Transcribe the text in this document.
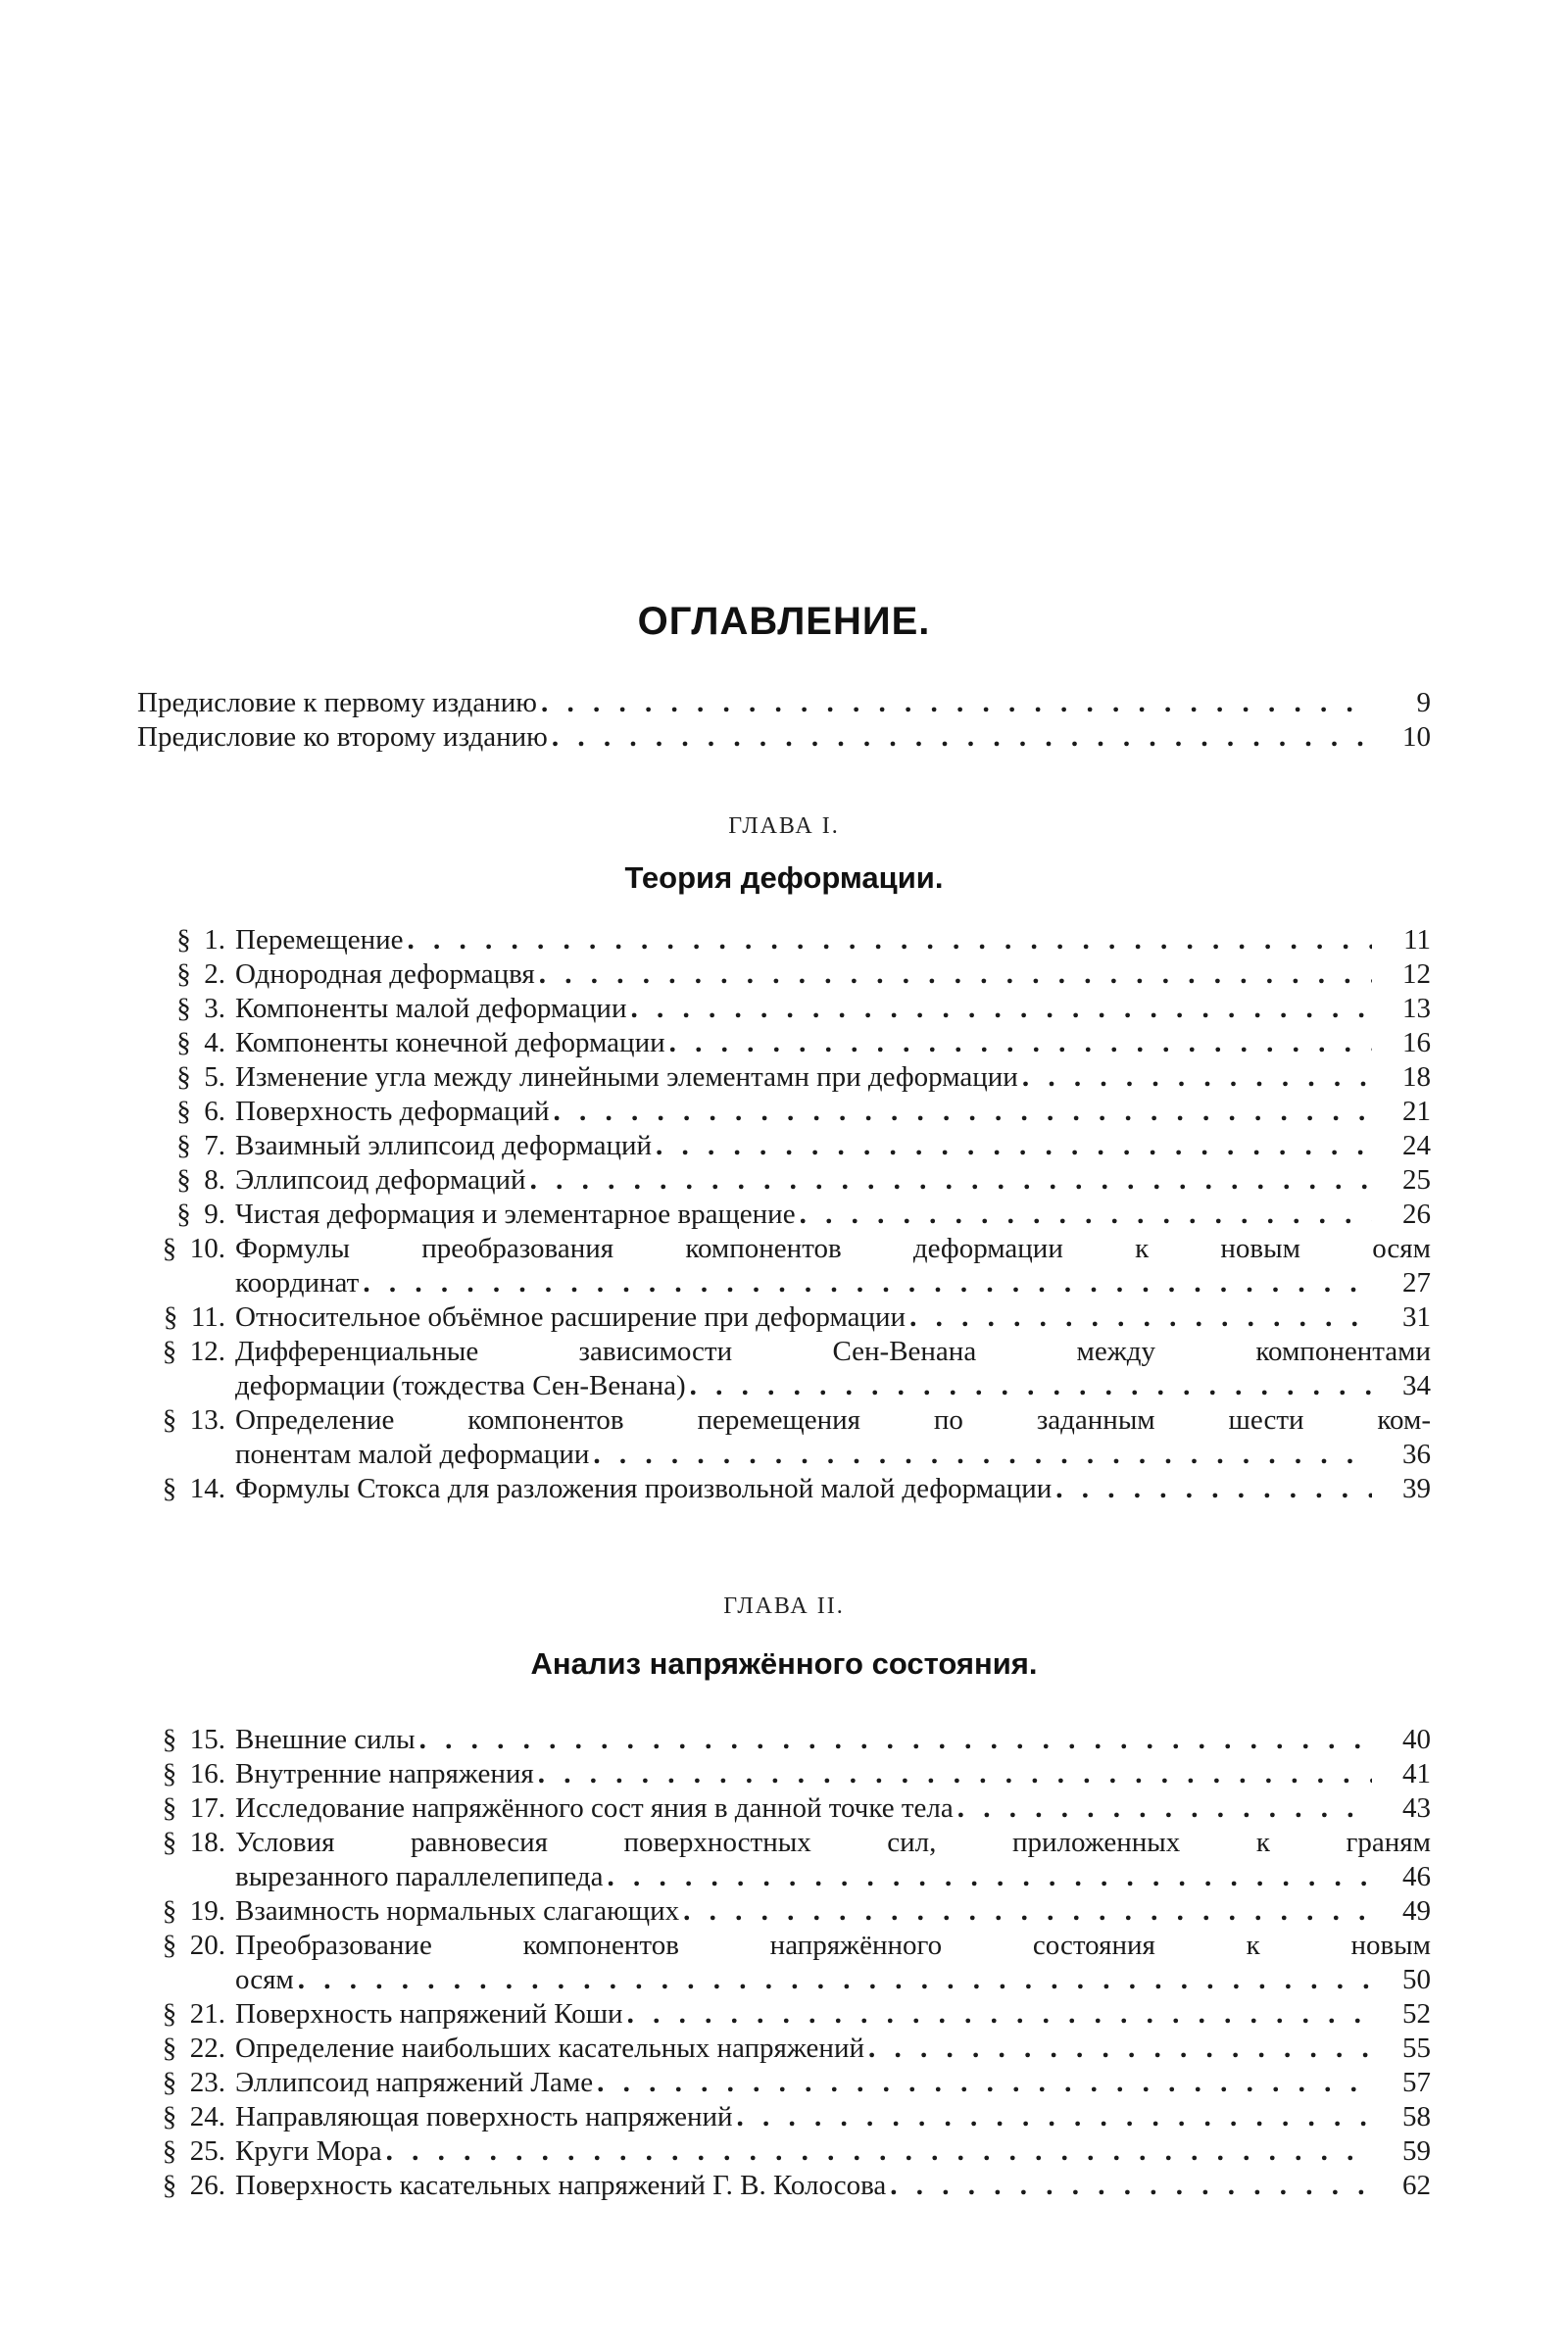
ОГЛАВЛЕНИЕ.
Предисловие к первому изданию . . .	9
Предисловие ко второму изданию . . .	10
ГЛАВА I.
Теория деформации.
§ 1. Перемещение . . .	11
§ 2. Однородная деформацвя . . .	12
§ 3. Компоненты малой деформации . . .	13
§ 4. Компоненты конечной деформации . . .	16
§ 5. Изменение угла между линейными элементамн при деформации . . .	18
§ 6. Поверхность деформаций . . .	21
§ 7. Взаимный эллипсоид деформаций . . .	24
§ 8. Эллипсоид деформаций . . .	25
§ 9. Чистая деформация и элементарное вращение . . .	26
§ 10. Формулы преобразования компонентов деформации к новым осям
координат . . .	27
§ 11. Относительное объёмное расширение при деформации . . .	31
§ 12. Дифференциальные зависимости Сен-Венана между компонентами
деформации (тождества Сен-Венана) . . .	34
§ 13. Определение компонентов перемещения по заданным шести ком-
понентам малой деформации . . .	36
§ 14. Формулы Стокса для разложения произвольной малой деформации . . .	39
ГЛАВА II.
Анализ напряжённого состояния.
§ 15. Внешние силы . . .	40
§ 16. Внутренние напряжения . . .	41
§ 17. Исследование напряжённого сост яния в данной точке тела . . .	43
§ 18. Условия равновесия поверхностных сил, приложенных к граням
вырезанного параллелепипеда . . .	46
§ 19. Взаимность нормальных слагающих . . .	49
§ 20. Преобразование компонентов напряжённого состояния к новым
осям . . .	50
§ 21. Поверхность напряжений Коши . . .	52
§ 22. Определение наибольших касательных напряжений . . .	55
§ 23. Эллипсоид напряжений Ламе . . .	57
§ 24. Направляющая поверхность напряжений . . .	58
§ 25. Круги Мора . . .	59
§ 26. Поверхность касательных напряжений Г. В. Колосова . . .	62
